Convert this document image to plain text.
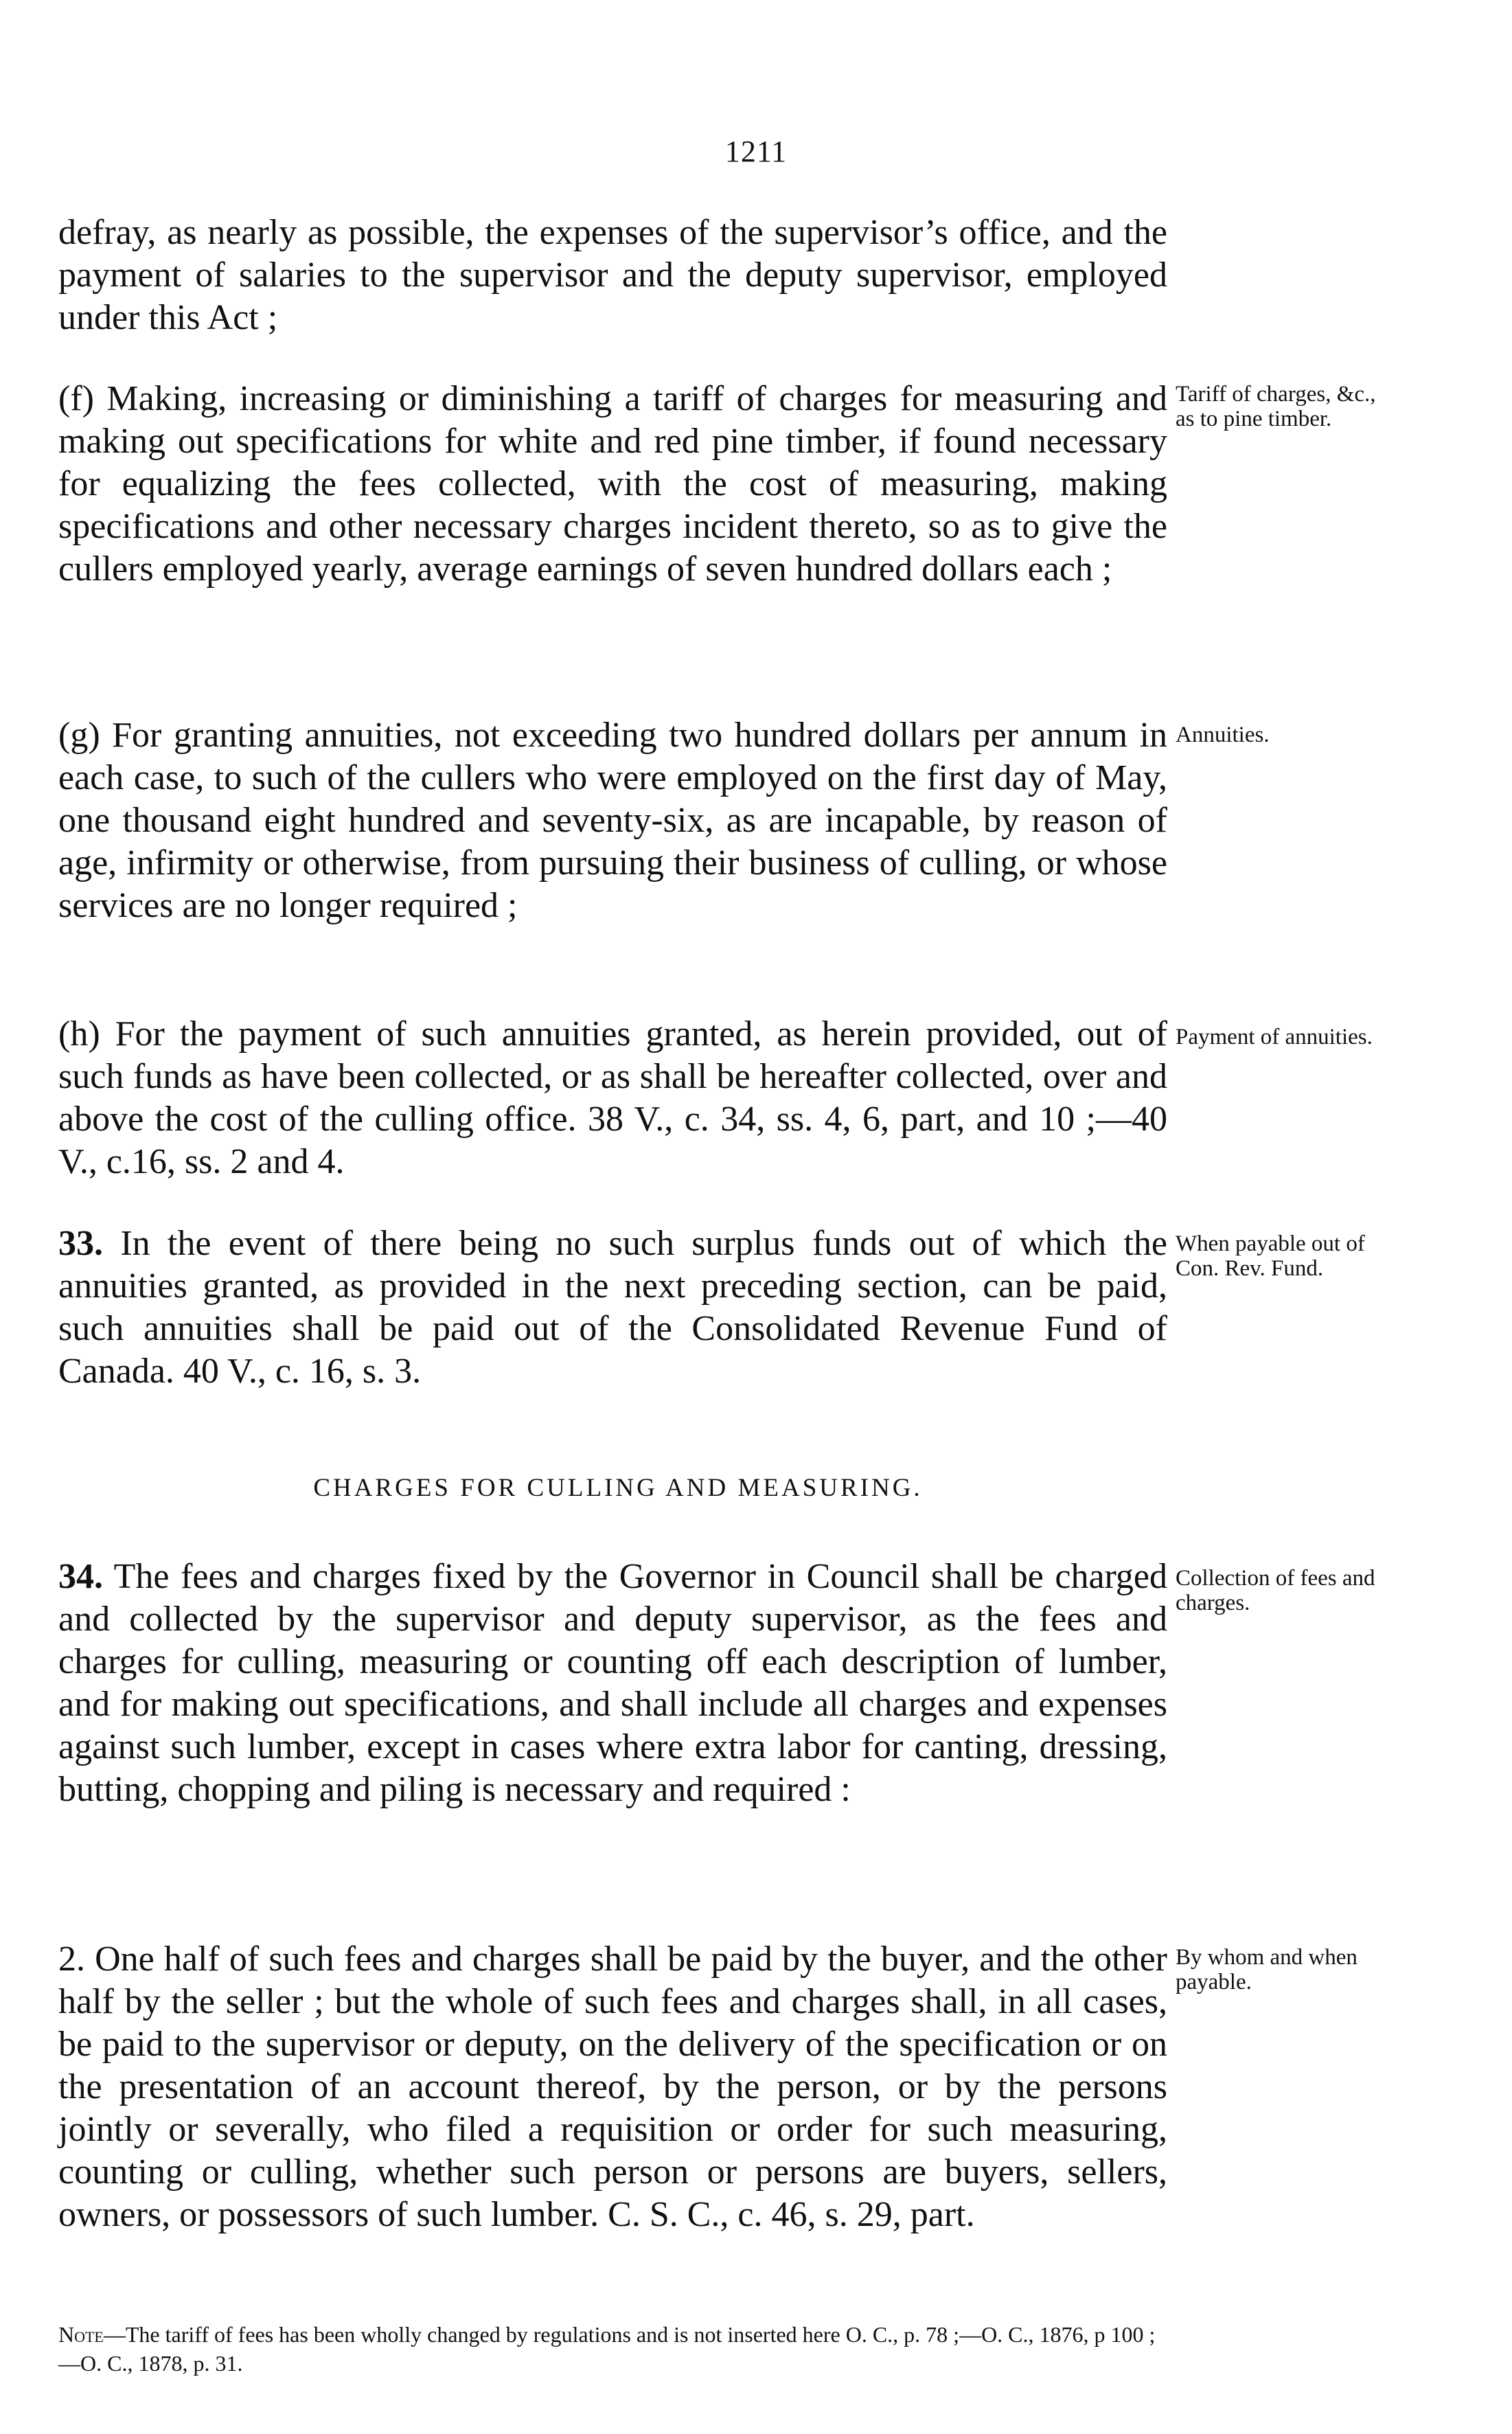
1211

defray, as nearly as possible, the expenses of the supervisor’s office, and the payment of salaries to the supervisor and the deputy supervisor, employed under this Act ;

(f) Making, increasing or diminishing a tariff of charges for measuring and making out specifications for white and red pine timber, if found necessary for equalizing the fees collected, with the cost of measuring, making specifications and other necessary charges incident thereto, so as to give the cullers employed yearly, average earnings of seven hundred dollars each ;

Tariff of charges, &c., as to pine timber.

(g) For granting annuities, not exceeding two hundred dollars per annum in each case, to such of the cullers who were employed on the first day of May, one thousand eight hundred and seventy-six, as are incapable, by reason of age, infirmity or otherwise, from pursuing their business of culling, or whose services are no longer required ;

Annuities.

(h) For the payment of such annuities granted, as herein provided, out of such funds as have been collected, or as shall be hereafter collected, over and above the cost of the culling office. 38 V., c. 34, ss. 4, 6, part, and 10 ;—40 V., c.16, ss. 2 and 4.

Payment of annuities.

33. In the event of there being no such surplus funds out of which the annuities granted, as provided in the next preceding section, can be paid, such annuities shall be paid out of the Consolidated Revenue Fund of Canada. 40 V., c. 16, s. 3.

When payable out of Con. Rev. Fund.
CHARGES FOR CULLING AND MEASURING.

34. The fees and charges fixed by the Governor in Council shall be charged and collected by the supervisor and deputy supervisor, as the fees and charges for culling, measuring or counting off each description of lumber, and for making out specifications, and shall include all charges and expenses against such lumber, except in cases where extra labor for canting, dressing, butting, chopping and piling is necessary and required :

Collection of fees and charges.

2. One half of such fees and charges shall be paid by the buyer, and the other half by the seller ; but the whole of such fees and charges shall, in all cases, be paid to the supervisor or deputy, on the delivery of the specification or on the presentation of an account thereof, by the person, or by the persons jointly or severally, who filed a requisition or order for such measuring, counting or culling, whether such person or persons are buyers, sellers, owners, or possessors of such lumber. C. S. C., c. 46, s. 29, part.

By whom and when payable.
Note—The tariff of fees has been wholly changed by regulations and is not inserted here O. C., p. 78 ;—O. C., 1876, p 100 ;—O. C., 1878, p. 31.
